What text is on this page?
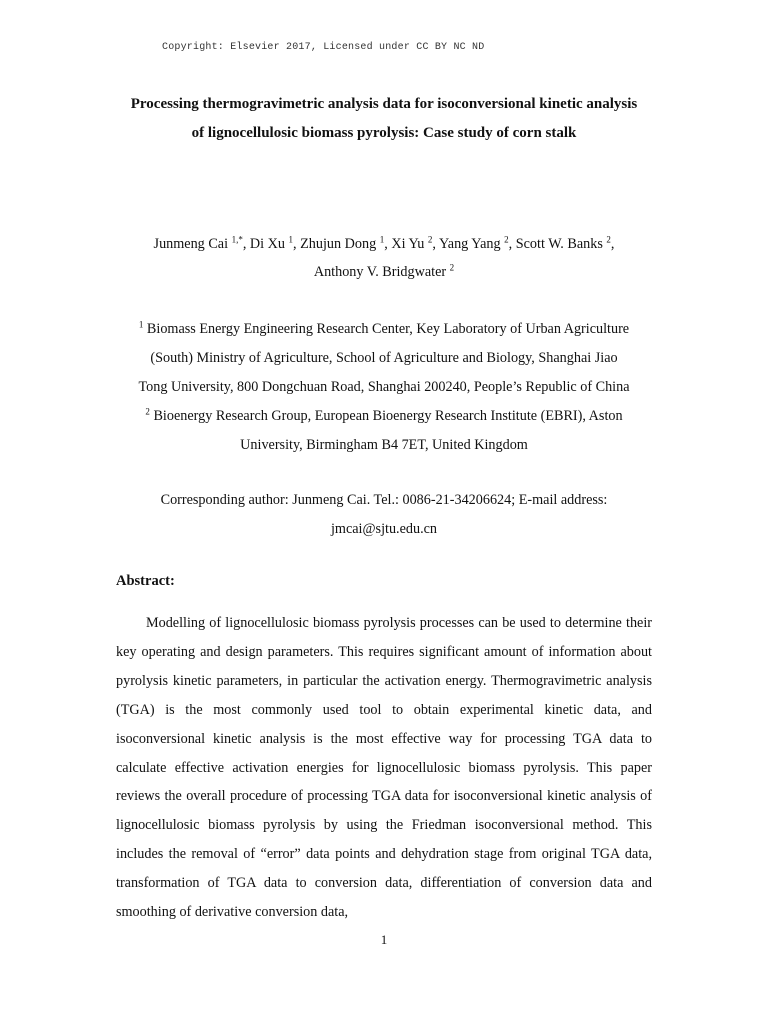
Copyright: Elsevier 2017, Licensed under CC BY NC ND
Processing thermogravimetric analysis data for isoconversional kinetic analysis
of lignocellulosic biomass pyrolysis: Case study of corn stalk
Junmeng Cai $^{1,*}$, Di Xu $^1$, Zhujun Dong $^1$, Xi Yu $^2$, Yang Yang $^2$, Scott W. Banks $^2$,
Anthony V. Bridgwater $^2$
$^1$ Biomass Energy Engineering Research Center, Key Laboratory of Urban Agriculture
(South) Ministry of Agriculture, School of Agriculture and Biology, Shanghai Jiao
Tong University, 800 Dongchuan Road, Shanghai 200240, People’s Republic of China
$^2$ Bioenergy Research Group, European Bioenergy Research Institute (EBRI), Aston
University, Birmingham B4 7ET, United Kingdom
Corresponding author: Junmeng Cai. Tel.: 0086-21-34206624; E-mail address:
jmcai@sjtu.edu.cn
Abstract:

Modelling of lignocellulosic biomass pyrolysis processes can be used to determine their key operating and design parameters. This requires significant amount of information about pyrolysis kinetic parameters, in particular the activation energy. Thermogravimetric analysis (TGA) is the most commonly used tool to obtain experimental kinetic data, and isoconversional kinetic analysis is the most effective way for processing TGA data to calculate effective activation energies for lignocellulosic biomass pyrolysis. This paper reviews the overall procedure of processing TGA data for isoconversional kinetic analysis of lignocellulosic biomass pyrolysis by using the Friedman isoconversional method. This includes the removal of “error” data points and dehydration stage from original TGA data, transformation of TGA data to conversion data, differentiation of conversion data and smoothing of derivative conversion data,

1
